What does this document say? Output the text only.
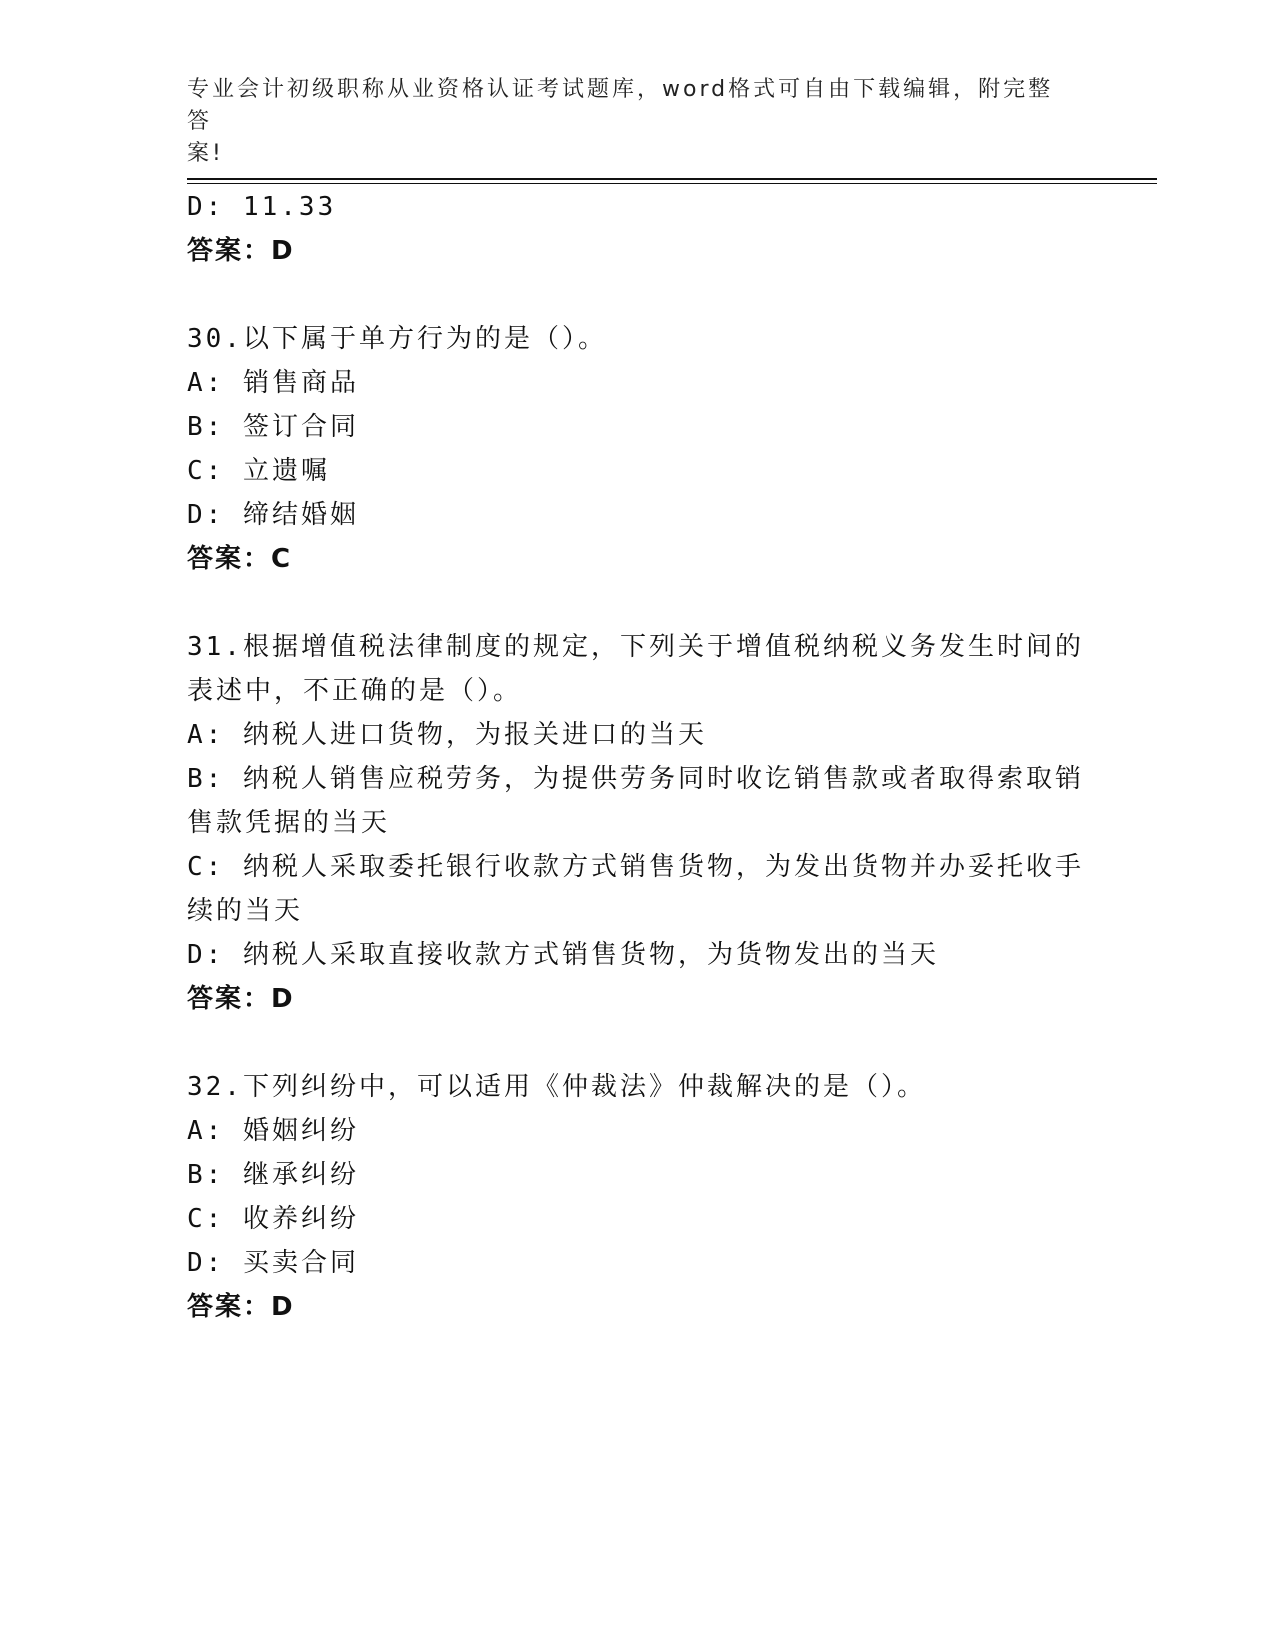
专业会计初级职称从业资格认证考试题库，word格式可自由下载编辑，附完整答
案!
D: 11.33
答案：D
30.以下属于单方行为的是（）。
A: 销售商品
B: 签订合同
C: 立遗嘱
D: 缔结婚姻
答案：C
31.根据增值税法律制度的规定，下列关于增值税纳税义务发生时间的
表述中，不正确的是（）。
A: 纳税人进口货物，为报关进口的当天
B: 纳税人销售应税劳务，为提供劳务同时收讫销售款或者取得索取销
售款凭据的当天
C: 纳税人采取委托银行收款方式销售货物，为发出货物并办妥托收手
续的当天
D: 纳税人采取直接收款方式销售货物，为货物发出的当天
答案：D
32.下列纠纷中，可以适用《仲裁法》仲裁解决的是（）。
A: 婚姻纠纷
B: 继承纠纷
C: 收养纠纷
D: 买卖合同
答案：D
